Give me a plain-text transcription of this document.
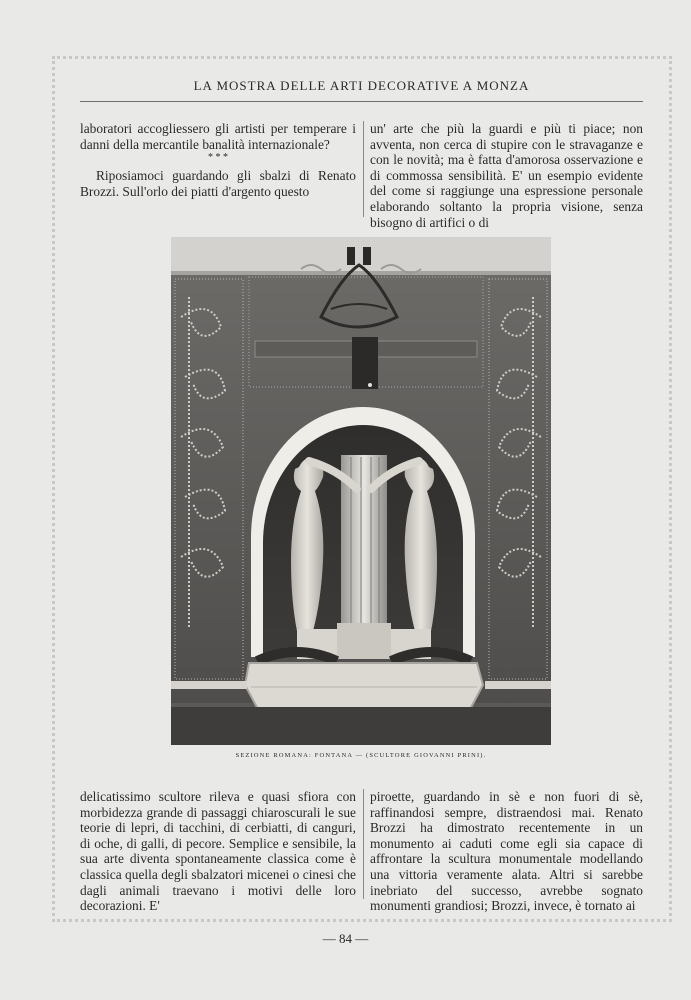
LA MOSTRA DELLE ARTI DECORATIVE A MONZA

laboratori accogliessero gli artisti per temperare i danni della mercantile banalità internazionale?

* * *

Riposiamoci guardando gli sbalzi di Renato Brozzi. Sull'orlo dei piatti d'argento questo

un' arte che più la guardi e più ti piace; non avventa, non cerca di stupire con le stravaganze e con le novità; ma è fatta d'amorosa osservazione e di commossa sensibilità. E' un esempio evidente del come si raggiunge una espressione personale elaborando soltanto la propria visione, senza bisogno di artifici o di

SEZIONE ROMANA: FONTANA — (SCULTORE GIOVANNI PRINI).

delicatissimo scultore rileva e quasi sfiora con morbidezza grande di passaggi chiaroscurali le sue teorie di lepri, di tacchini, di cerbiatti, di canguri, di oche, di galli, di pecore. Semplice e sensibile, la sua arte diventa spontaneamente classica come è classica quella degli sbalzatori micenei o cinesi che dagli animali traevano i motivi delle loro decorazioni. E'

piroette, guardando in sè e non fuori di sè, raffinandosi sempre, distraendosi mai. Renato Brozzi ha dimostrato recentemente in un monumento ai caduti come egli sia capace di affrontare la scultura monumentale modellando una vittoria veramente alata. Altri si sarebbe inebriato del successo, avrebbe sognato monumenti grandiosi; Brozzi, invece, è tornato ai

— 84 —
